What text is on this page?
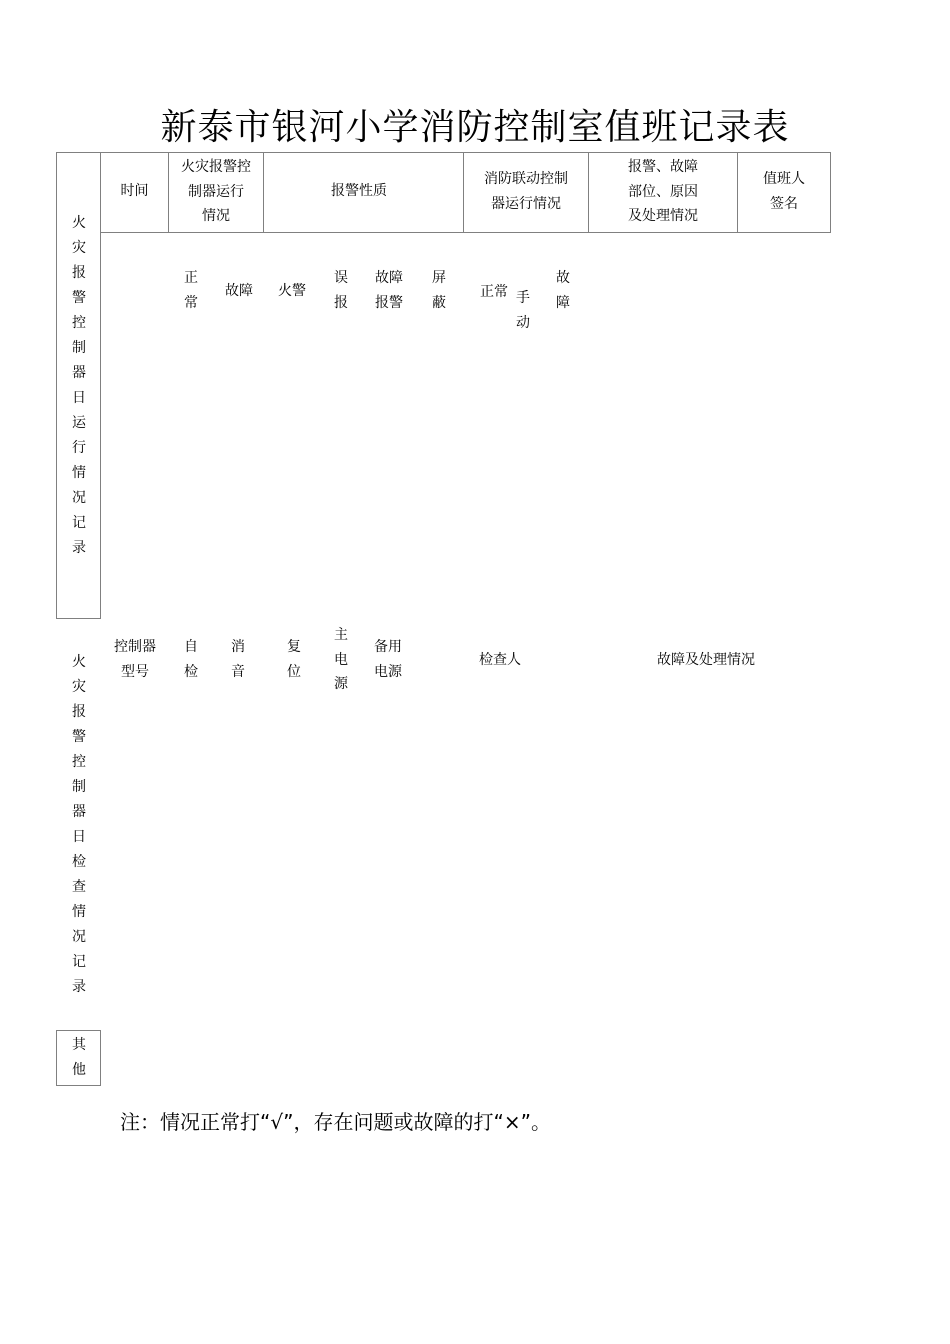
新泰市银河小学消防控制室值班记录表
火
灾
报
警
控
制
器
日
运
行
情
况
记
录
时间
火灾报警控
制器运行
情况
报警性质
消防联动控制
器运行情况
报警、故障
部位、原因
及处理情况
值班人
签名
正
常
故障	火警
误
报
故障
报警
屏
蔽
正常 手
动
故
障
火
灾
报
警
控
制
器
日
检
查
情
况
记
录
控制器
型号
自
检
消
音
复
位
主
电
源
备用
电源
检查人	故障及处理情况
其
他
注：情况正常打“√”，存在问题或故障的打“×”。
